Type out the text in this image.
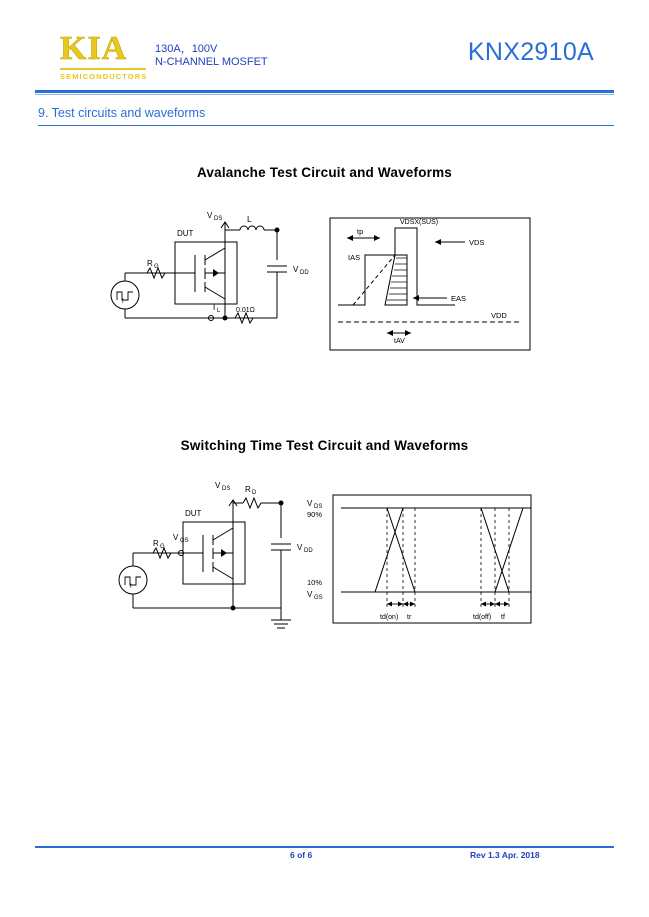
KIA
SEMICONDUCTORS
130A，100V
N-CHANNEL MOSFET	KNX2910A
9. Test circuits and waveforms
Avalanche Test Circuit and Waveforms
V DS	L
DUT
R G	V DD
I L 0.01Ω
I
tp
VDSX(SUS)
IAS
VDS
VDD
EAS
tAV
Switching Time Test Circuit and Waveforms
V DS R D
DUT
R G
V GS
V DD
I
V DS
90%
10%
V GS
td(on) tr	td(off) tf
6 of 6	Rev 1.3 Apr. 2018
